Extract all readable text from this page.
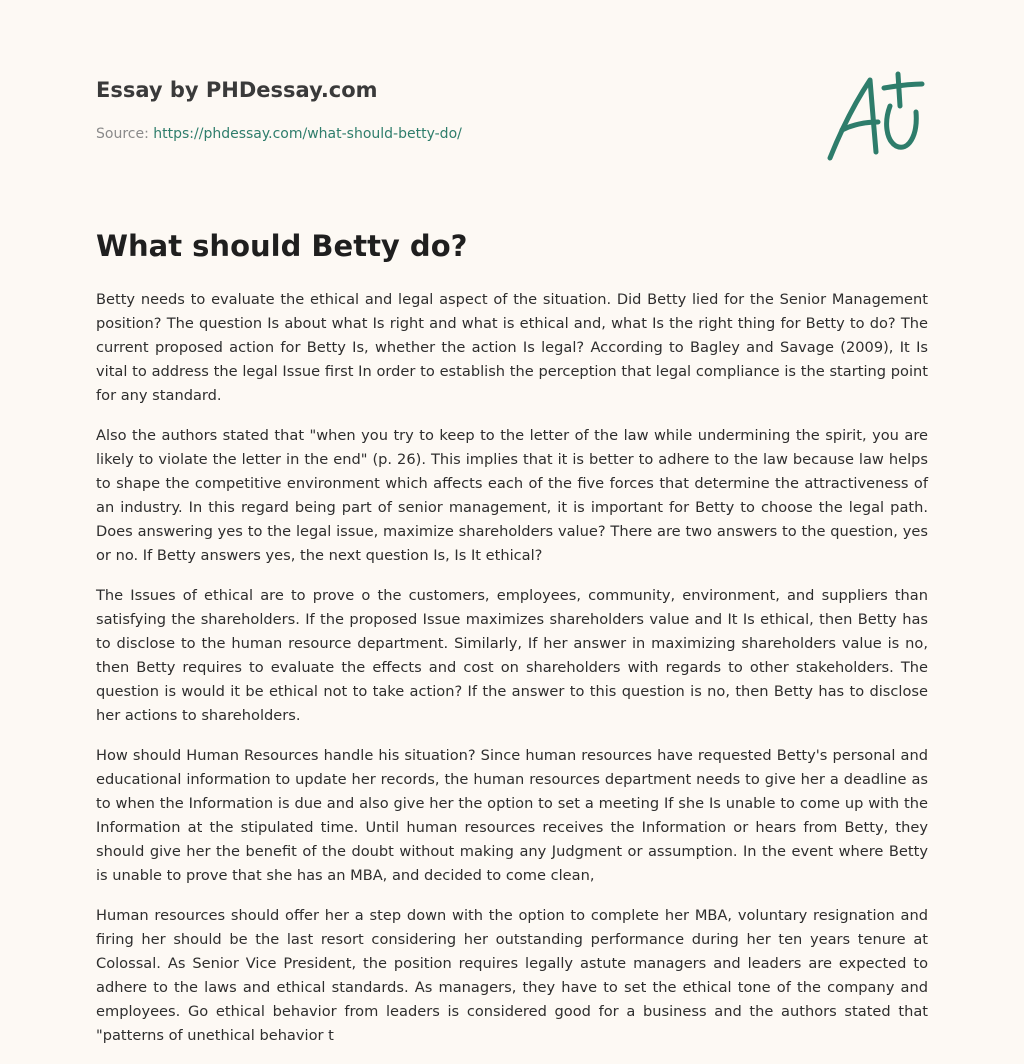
Essay by PHDessay.com
Source: https://phdessay.com/what-should-betty-do/
What should Betty do?

Betty needs to evaluate the ethical and legal aspect of the situation. Did Betty lied for the Senior Management position? The question Is about what Is right and what is ethical and, what Is the right thing for Betty to do? The current proposed action for Betty Is, whether the action Is legal? According to Bagley and Savage (2009), It Is vital to address the legal Issue first In order to establish the perception that legal compliance is the starting point for any standard.

Also the authors stated that "when you try to keep to the letter of the law while undermining the spirit, you are likely to violate the letter in the end" (p. 26). This implies that it is better to adhere to the law because law helps to shape the competitive environment which affects each of the five forces that determine the attractiveness of an industry. In this regard being part of senior management, it is important for Betty to choose the legal path. Does answering yes to the legal issue, maximize shareholders value? There are two answers to the question, yes or no. If Betty answers yes, the next question Is, Is It ethical?

The Issues of ethical are to prove o the customers, employees, community, environment, and suppliers than satisfying the shareholders. If the proposed Issue maximizes shareholders value and It Is ethical, then Betty has to disclose to the human resource department. Similarly, If her answer in maximizing shareholders value is no, then Betty requires to evaluate the effects and cost on shareholders with regards to other stakeholders. The question is would it be ethical not to take action? If the answer to this question is no, then Betty has to disclose her actions to shareholders.

How should Human Resources handle his situation? Since human resources have requested Betty's personal and educational information to update her records, the human resources department needs to give her a deadline as to when the Information is due and also give her the option to set a meeting If she Is unable to come up with the Information at the stipulated time. Until human resources receives the Information or hears from Betty, they should give her the benefit of the doubt without making any Judgment or assumption. In the event where Betty is unable to prove that she has an MBA, and decided to come clean,

Human resources should offer her a step down with the option to complete her MBA, voluntary resignation and firing her should be the last resort considering her outstanding performance during her ten years tenure at Colossal. As Senior Vice President, the position requires legally astute managers and leaders are expected to adhere to the laws and ethical standards. As managers, they have to set the ethical tone of the company and employees. Go ethical behavior from leaders is considered good for a business and the authors stated that "patterns of unethical behavior t
